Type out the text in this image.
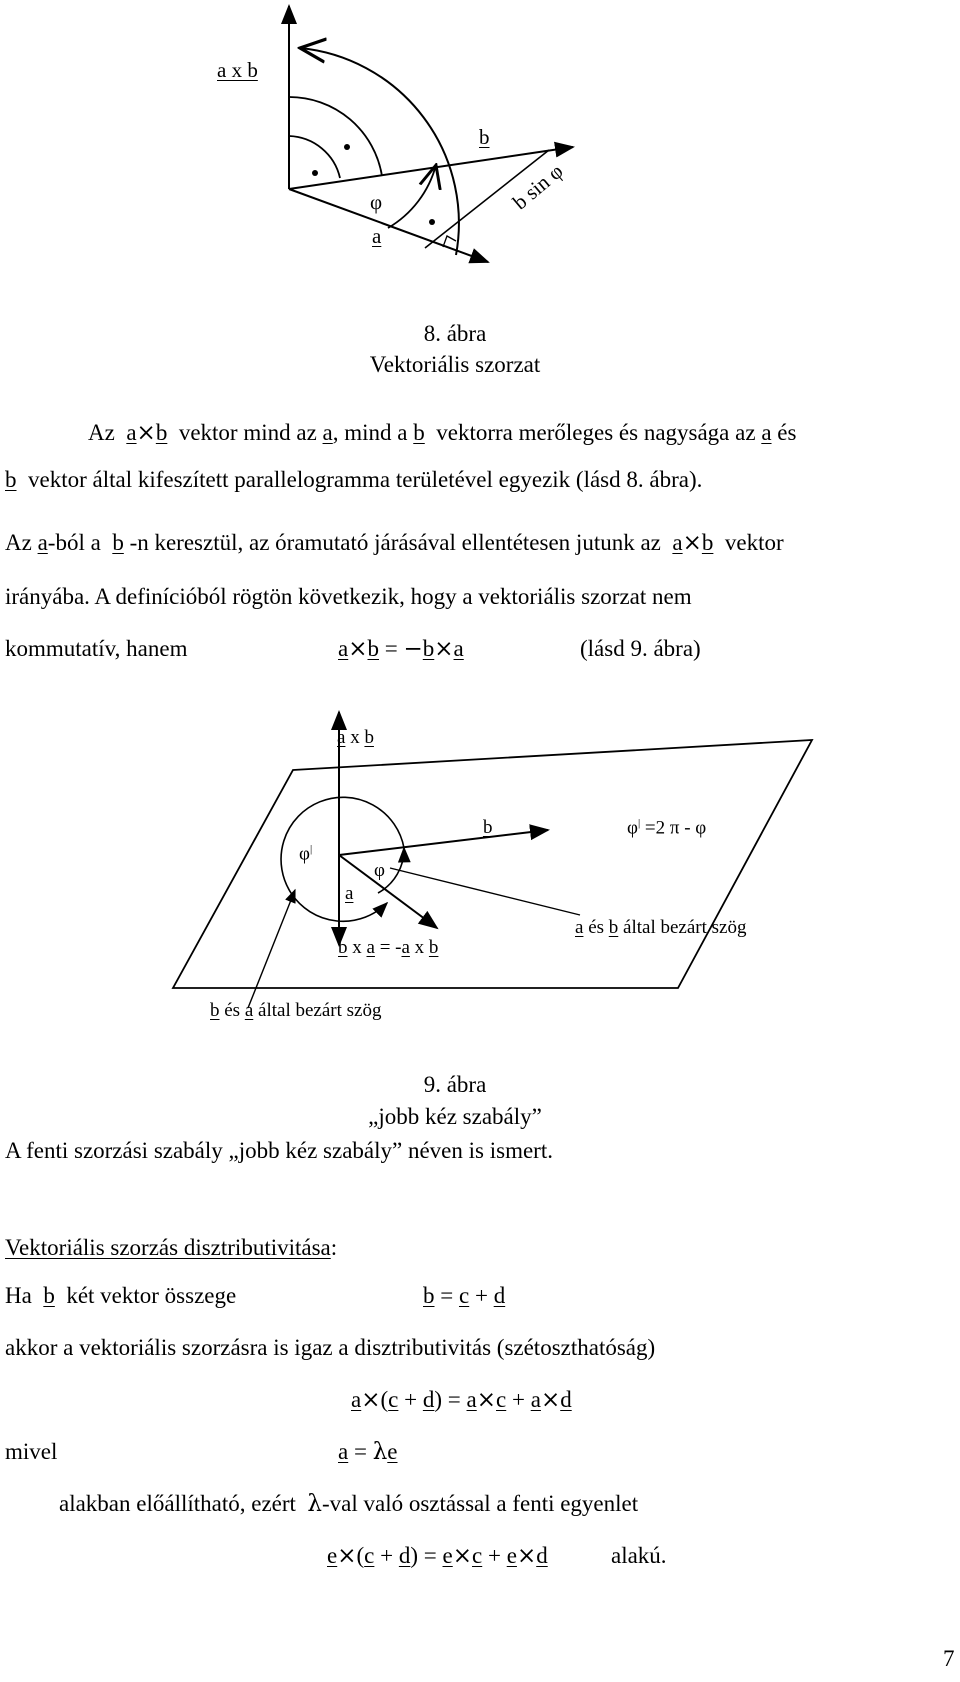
a x b
b
b sin φ
φ
a
8. ábra
Vektoriális szorzat
Az a×b vektor mind az a, mind a b vektorra merőleges és nagysága az a és
b vektor által kifeszített parallelogramma területével egyezik (lásd 8. ábra).
Az a-ból a b -n keresztül, az óramutató járásával ellentétesen jutunk az a×b vektor
irányába. A definícióból rögtön következik, hogy a vektoriális szorzat nem
kommutatív, hanem	a×b = −b×a	(lásd 9. ábra)
a x b
b	φ| =2 π - φ
φ|
φ
a
a és b által bezárt szög
b x a = -a x b
b és a által bezárt szög
9. ábra
„jobb kéz szabály”
A fenti szorzási szabály „jobb kéz szabály” néven is ismert.
Vektoriális szorzás disztributivitása:
Ha b két vektor összege	b = c + d
akkor a vektoriális szorzásra is igaz a disztributivitás (szétoszthatóság)
a×(c + d) = a×c + a×d
mivel	a = λe
alakban előállítható, ezért λ-val való osztással a fenti egyenlet
e×(c + d) = e×c + e×d	alakú.
7
